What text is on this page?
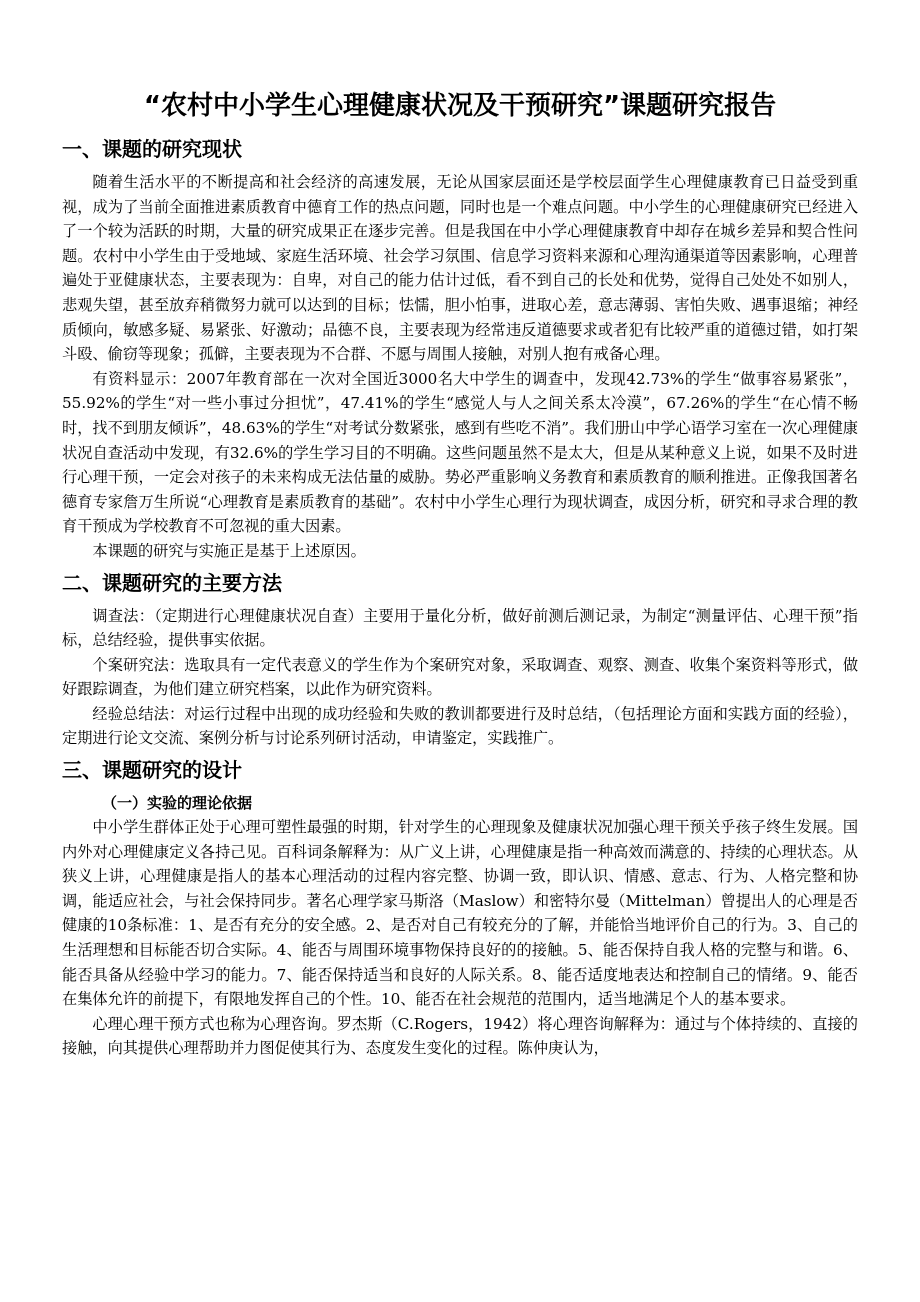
“农村中小学生心理健康状况及干预研究”课题研究报告
一、课题的研究现状

随着生活水平的不断提高和社会经济的高速发展，无论从国家层面还是学校层面学生心理健康教育已日益受到重视，成为了当前全面推进素质教育中德育工作的热点问题，同时也是一个难点问题。中小学生的心理健康研究已经进入了一个较为活跃的时期，大量的研究成果正在逐步完善。但是我国在中小学心理健康教育中却存在城乡差异和契合性问题。农村中小学生由于受地域、家庭生活环境、社会学习氛围、信息学习资料来源和心理沟通渠道等因素影响，心理普遍处于亚健康状态，主要表现为：自卑，对自己的能力估计过低，看不到自己的长处和优势，觉得自己处处不如别人，悲观失望，甚至放弃稍微努力就可以达到的目标；怯懦，胆小怕事，进取心差，意志薄弱、害怕失败、遇事退缩；神经质倾向，敏感多疑、易紧张、好激动；品德不良，主要表现为经常违反道德要求或者犯有比较严重的道德过错，如打架斗殴、偷窃等现象；孤僻，主要表现为不合群、不愿与周围人接触，对别人抱有戒备心理。

有资料显示：2007年教育部在一次对全国近3000名大中学生的调查中，发现42.73%的学生“做事容易紧张”，55.92%的学生“对一些小事过分担忧”，47.41%的学生“感觉人与人之间关系太冷漠”，67.26%的学生“在心情不畅时，找不到朋友倾诉”，48.63%的学生“对考试分数紧张，感到有些吃不消”。我们册山中学心语学习室在一次心理健康状况自查活动中发现，有32.6%的学生学习目的不明确。这些问题虽然不是太大，但是从某种意义上说，如果不及时进行心理干预，一定会对孩子的未来构成无法估量的威胁。势必严重影响义务教育和素质教育的顺利推进。正像我国著名德育专家詹万生所说“心理教育是素质教育的基础”。农村中小学生心理行为现状调查，成因分析，研究和寻求合理的教育干预成为学校教育不可忽视的重大因素。

本课题的研究与实施正是基于上述原因。

二、课题研究的主要方法

调查法：（定期进行心理健康状况自查）主要用于量化分析，做好前测后测记录，为制定“测量评估、心理干预”指标，总结经验，提供事实依据。

个案研究法：选取具有一定代表意义的学生作为个案研究对象，采取调查、观察、测查、收集个案资料等形式，做好跟踪调查，为他们建立研究档案，以此作为研究资料。

经验总结法：对运行过程中出现的成功经验和失败的教训都要进行及时总结，（包括理论方面和实践方面的经验），定期进行论文交流、案例分析与讨论系列研讨活动，申请鉴定，实践推广。

三、课题研究的设计
（一）实验的理论依据

中小学生群体正处于心理可塑性最强的时期，针对学生的心理现象及健康状况加强心理干预关乎孩子终生发展。国内外对心理健康定义各持己见。百科词条解释为：从广义上讲，心理健康是指一种高效而满意的、持续的心理状态。从狭义上讲，心理健康是指人的基本心理活动的过程内容完整、协调一致，即认识、情感、意志、行为、人格完整和协调，能适应社会，与社会保持同步。著名心理学家马斯洛（Maslow）和密特尔曼（Mittelman）曾提出人的心理是否健康的10条标准：1、是否有充分的安全感。2、是否对自己有较充分的了解，并能恰当地评价自己的行为。3、自己的生活理想和目标能否切合实际。4、能否与周围环境事物保持良好的的接触。5、能否保持自我人格的完整与和谐。6、能否具备从经验中学习的能力。7、能否保持适当和良好的人际关系。8、能否适度地表达和控制自己的情绪。9、能否在集体允许的前提下，有限地发挥自己的个性。10、能否在社会规范的范围内，适当地满足个人的基本要求。

心理心理干预方式也称为心理咨询。罗杰斯（C.Rogers，1942）将心理咨询解释为：通过与个体持续的、直接的接触，向其提供心理帮助并力图促使其行为、态度发生变化的过程。陈仲庚认为，
